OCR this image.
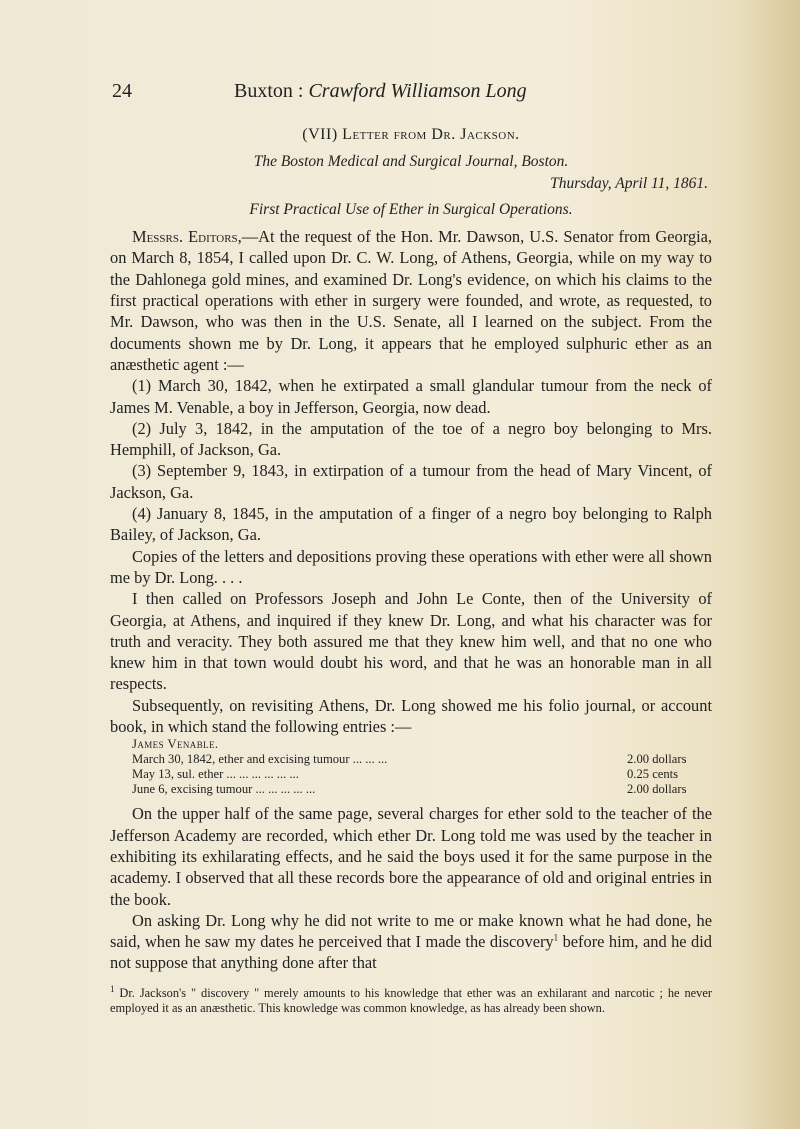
24	Buxton : Crawford Williamson Long
(VII) Letter from Dr. Jackson.
The Boston Medical and Surgical Journal, Boston.
Thursday, April 11, 1861.
First Practical Use of Ether in Surgical Operations.

Messrs. Editors,—At the request of the Hon. Mr. Dawson, U.S. Senator from Georgia, on March 8, 1854, I called upon Dr. C. W. Long, of Athens, Georgia, while on my way to the Dahlonega gold mines, and examined Dr. Long's evidence, on which his claims to the first practical operations with ether in surgery were founded, and wrote, as requested, to Mr. Dawson, who was then in the U.S. Senate, all I learned on the subject. From the documents shown me by Dr. Long, it appears that he employed sulphuric ether as an anæsthetic agent :—

(1) March 30, 1842, when he extirpated a small glandular tumour from the neck of James M. Venable, a boy in Jefferson, Georgia, now dead.

(2) July 3, 1842, in the amputation of the toe of a negro boy belonging to Mrs. Hemphill, of Jackson, Ga.

(3) September 9, 1843, in extirpation of a tumour from the head of Mary Vincent, of Jackson, Ga.

(4) January 8, 1845, in the amputation of a finger of a negro boy belonging to Ralph Bailey, of Jackson, Ga.

Copies of the letters and depositions proving these operations with ether were all shown me by Dr. Long. . . .

I then called on Professors Joseph and John Le Conte, then of the University of Georgia, at Athens, and inquired if they knew Dr. Long, and what his character was for truth and veracity. They both assured me that they knew him well, and that no one who knew him in that town would doubt his word, and that he was an honorable man in all respects.

Subsequently, on revisiting Athens, Dr. Long showed me his folio journal, or account book, in which stand the following entries :—

James Venable.
March 30, 1842, ether and excising tumour ... ... ...	2.00 dollars
May 13, sul. ether ... ... ... ... ... ...	0.25 cents
June 6, excising tumour ... ... ... ... ...	2.00 dollars

On the upper half of the same page, several charges for ether sold to the teacher of the Jefferson Academy are recorded, which ether Dr. Long told me was used by the teacher in exhibiting its exhilarating effects, and he said the boys used it for the same purpose in the academy. I observed that all these records bore the appearance of old and original entries in the book.

On asking Dr. Long why he did not write to me or make known what he had done, he said, when he saw my dates he perceived that I made the discovery$^1$ before him, and he did not suppose that anything done after that

$^1$ Dr. Jackson's " discovery " merely amounts to his knowledge that ether was an exhilarant and narcotic ; he never employed it as an anæsthetic. This knowledge was common knowledge, as has already been shown.
